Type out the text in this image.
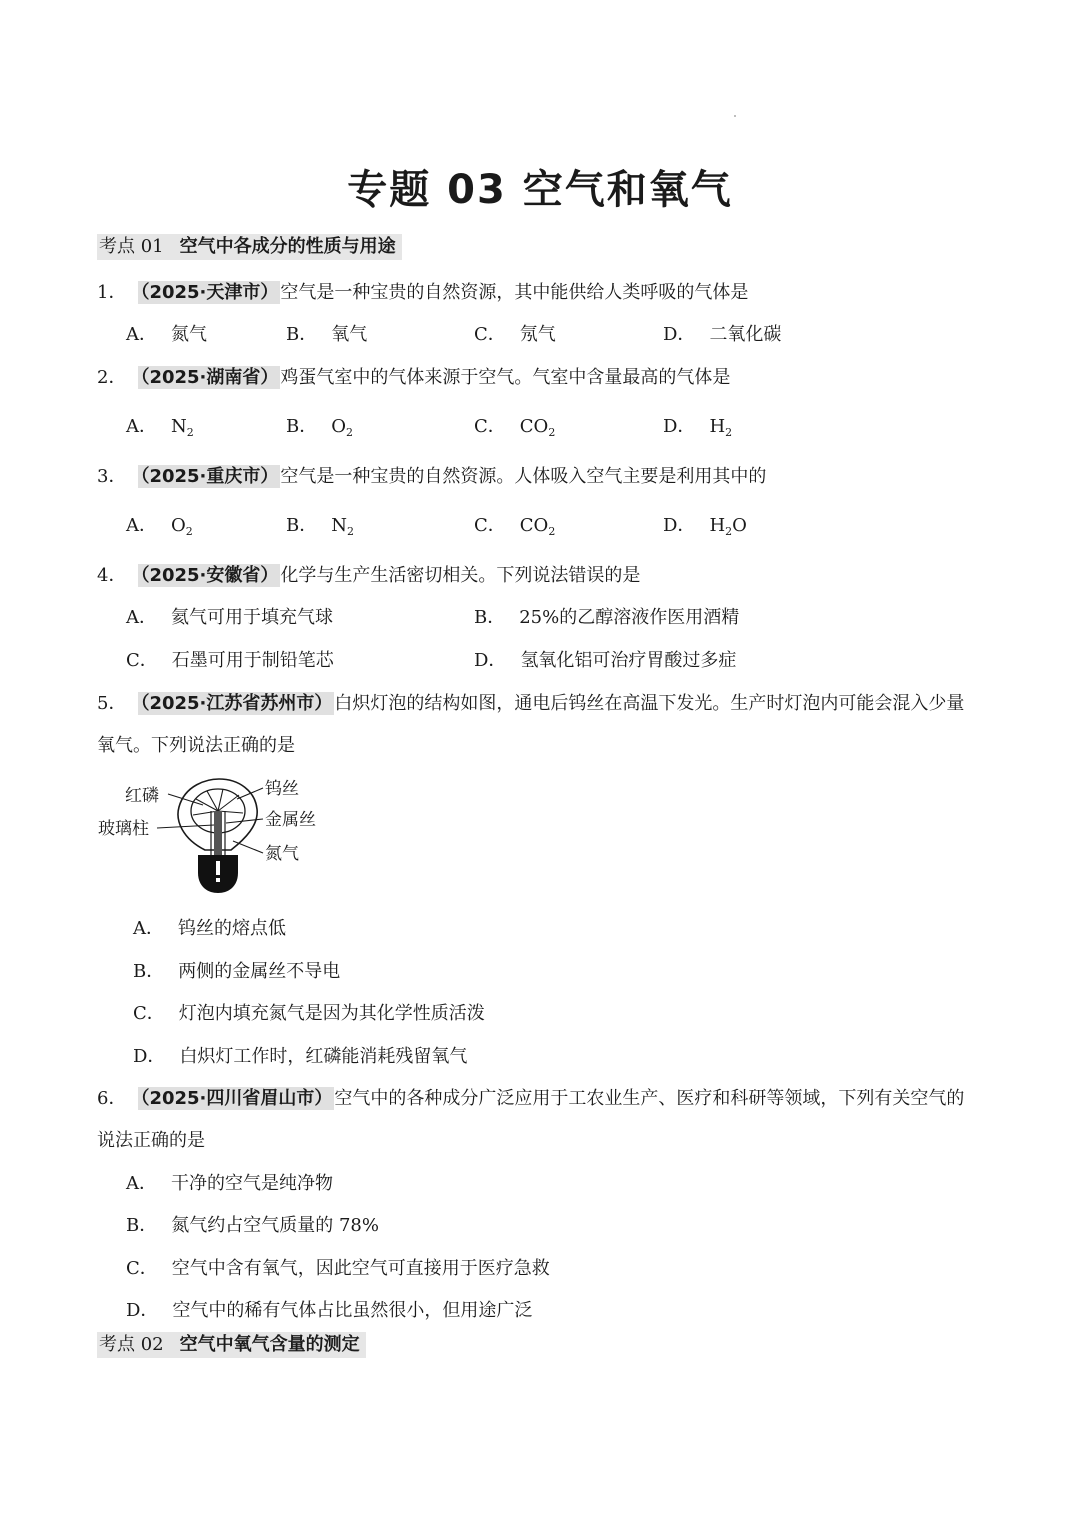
专题 03 空气和氧气
考点 01 空气中各成分的性质与用途
1． （2025·天津市） 空气是一种宝贵的自然资源，其中能供给人类呼吸的气体是
A． 氮气	B． 氧气	C． 氖气	D． 二氧化碳
2． （2025·湖南省） 鸡蛋气室中的气体来源于空气。气室中含量最高的气体是
A． $N_2$	B． $O_2$	C． $CO_2$	D． $H_2$
3． （2025·重庆市） 空气是一种宝贵的自然资源。人体吸入空气主要是利用其中的
A． $O_2$	B． $N_2$	C． $CO_2$	D． $H_2O$
4． （2025·安徽省） 化学与生产生活密切相关。下列说法错误的是
A． 氦气可用于填充气球	B． 25%的乙醇溶液作医用酒精
C． 石墨可用于制铅笔芯	D． 氢氧化铝可治疗胃酸过多症
5． （2025·江苏省苏州市） 白炽灯泡的结构如图，通电后钨丝在高温下发光。生产时灯泡内可能会混入少量
氧气。下列说法正确的是
红磷
玻璃柱
钨丝
金属丝
氮气
A． 钨丝的熔点低
B． 两侧的金属丝不导电
C． 灯泡内填充氮气是因为其化学性质活泼
D． 白炽灯工作时，红磷能消耗残留氧气
6． （2025·四川省眉山市） 空气中的各种成分广泛应用于工农业生产、医疗和科研等领域，下列有关空气的
说法正确的是
A． 干净的空气是纯净物
B． 氮气约占空气质量的 78%
C． 空气中含有氧气，因此空气可直接用于医疗急救
D． 空气中的稀有气体占比虽然很小，但用途广泛
考点 02 空气中氧气含量的测定
